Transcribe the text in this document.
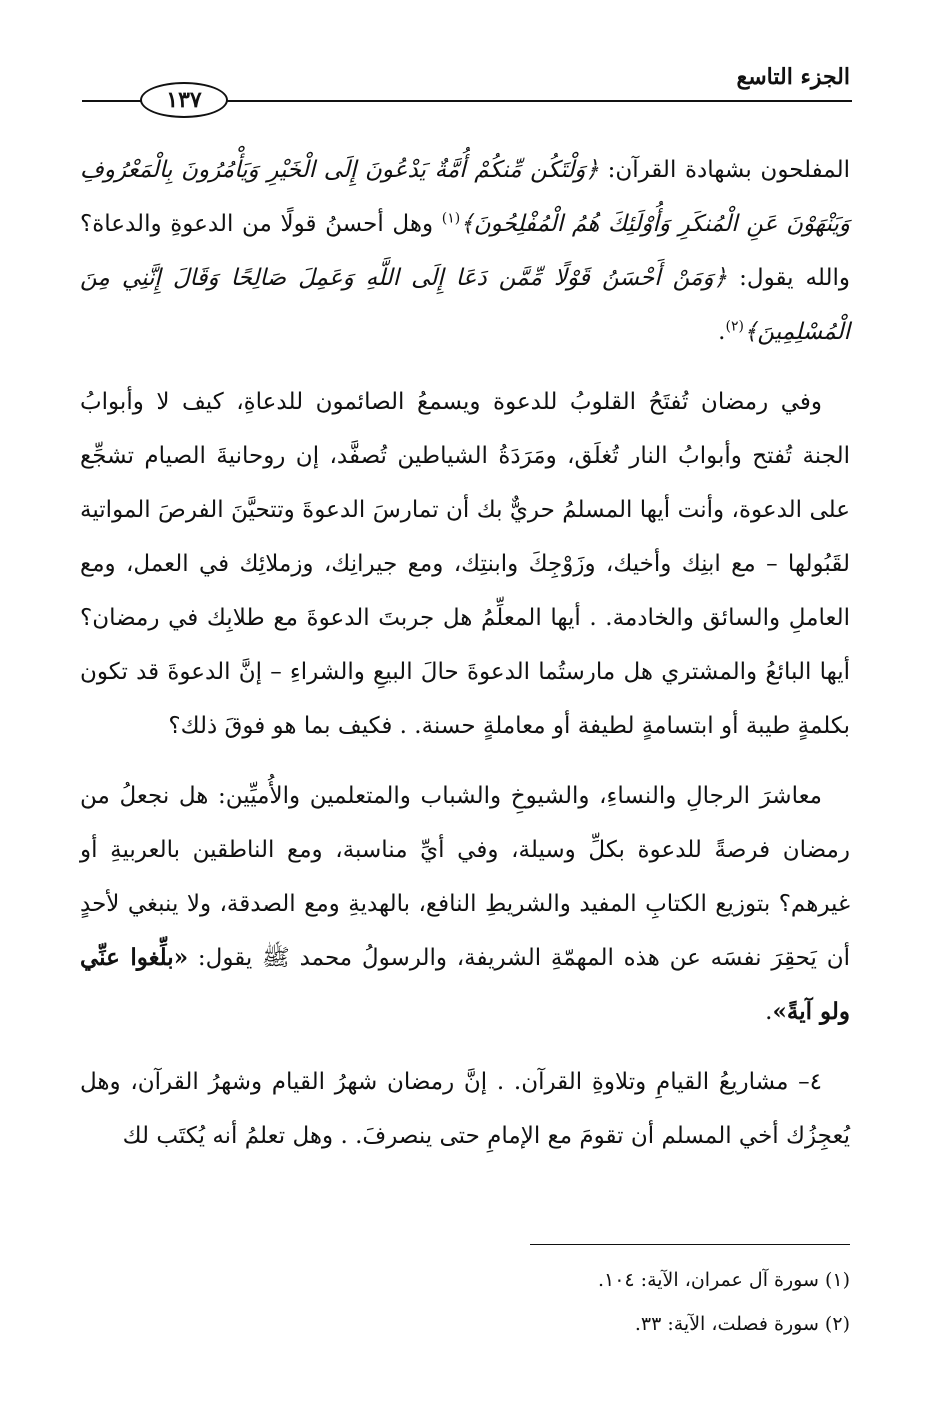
الجزء التاسع
١٣٧

المفلحون بشهادة القرآن: ﴿وَلْتَكُن مِّنكُمْ أُمَّةٌ يَدْعُونَ إِلَى الْخَيْرِ وَيَأْمُرُونَ بِالْمَعْرُوفِ وَيَنْهَوْنَ عَنِ الْمُنكَرِ وَأُوْلَئِكَ هُمُ الْمُفْلِحُونَ﴾$^{(١)}$ وهل أحسنُ قولًا من الدعوةِ والدعاة؟ والله يقول: ﴿وَمَنْ أَحْسَنُ قَوْلًا مِّمَّن دَعَا إِلَى اللَّهِ وَعَمِلَ صَالِحًا وَقَالَ إِنَّنِي مِنَ الْمُسْلِمِينَ﴾$^{(٢)}$.

وفي رمضان تُفتَحُ القلوبُ للدعوة ويسمعُ الصائمون للدعاةِ، كيف لا وأبوابُ الجنة تُفتح وأبوابُ النار تُغلَق، ومَرَدَةُ الشياطين تُصفَّد، إن روحانيةَ الصيام تشجِّع على الدعوة، وأنت أيها المسلمُ حريٌّ بك أن تمارسَ الدعوةَ وتتحيَّنَ الفرصَ المواتية لقَبُولها – مع ابنِك وأخيك، وزَوْجِكَ وابنتِك، ومع جيرانِك، وزملائِك في العمل، ومع العاملِ والسائق والخادمة. . أيها المعلِّمُ هل جربتَ الدعوةَ مع طلابِك في رمضان؟ أيها البائعُ والمشتري هل مارستُما الدعوةَ حالَ البيعِ والشراءِ – إنَّ الدعوةَ قد تكون بكلمةٍ طيبة أو ابتسامةٍ لطيفة أو معاملةٍ حسنة. . فكيف بما هو فوقَ ذلك؟

معاشرَ الرجالِ والنساءِ، والشيوخِ والشباب والمتعلمين والأُميِّين: هل نجعلُ من رمضان فرصةً للدعوة بكلِّ وسيلة، وفي أيِّ مناسبة، ومع الناطقين بالعربيةِ أو غيرهم؟ بتوزيع الكتابِ المفيد والشريطِ النافع، بالهديةِ ومع الصدقة، ولا ينبغي لأحدٍ أن يَحقِرَ نفسَه عن هذه المهمّةِ الشريفة، والرسولُ محمد ﷺ يقول: «بلِّغوا عنِّي ولو آيةً».

٤– مشاريعُ القيامِ وتلاوةِ القرآن. . إنَّ رمضان شهرُ القيام وشهرُ القرآن، وهل يُعجِزُك أخي المسلم أن تقومَ مع الإمامِ حتى ينصرفَ. . وهل تعلمُ أنه يُكتَب لك

(١) سورة آل عمران، الآية: ١٠٤.

(٢) سورة فصلت، الآية: ٣٣.
